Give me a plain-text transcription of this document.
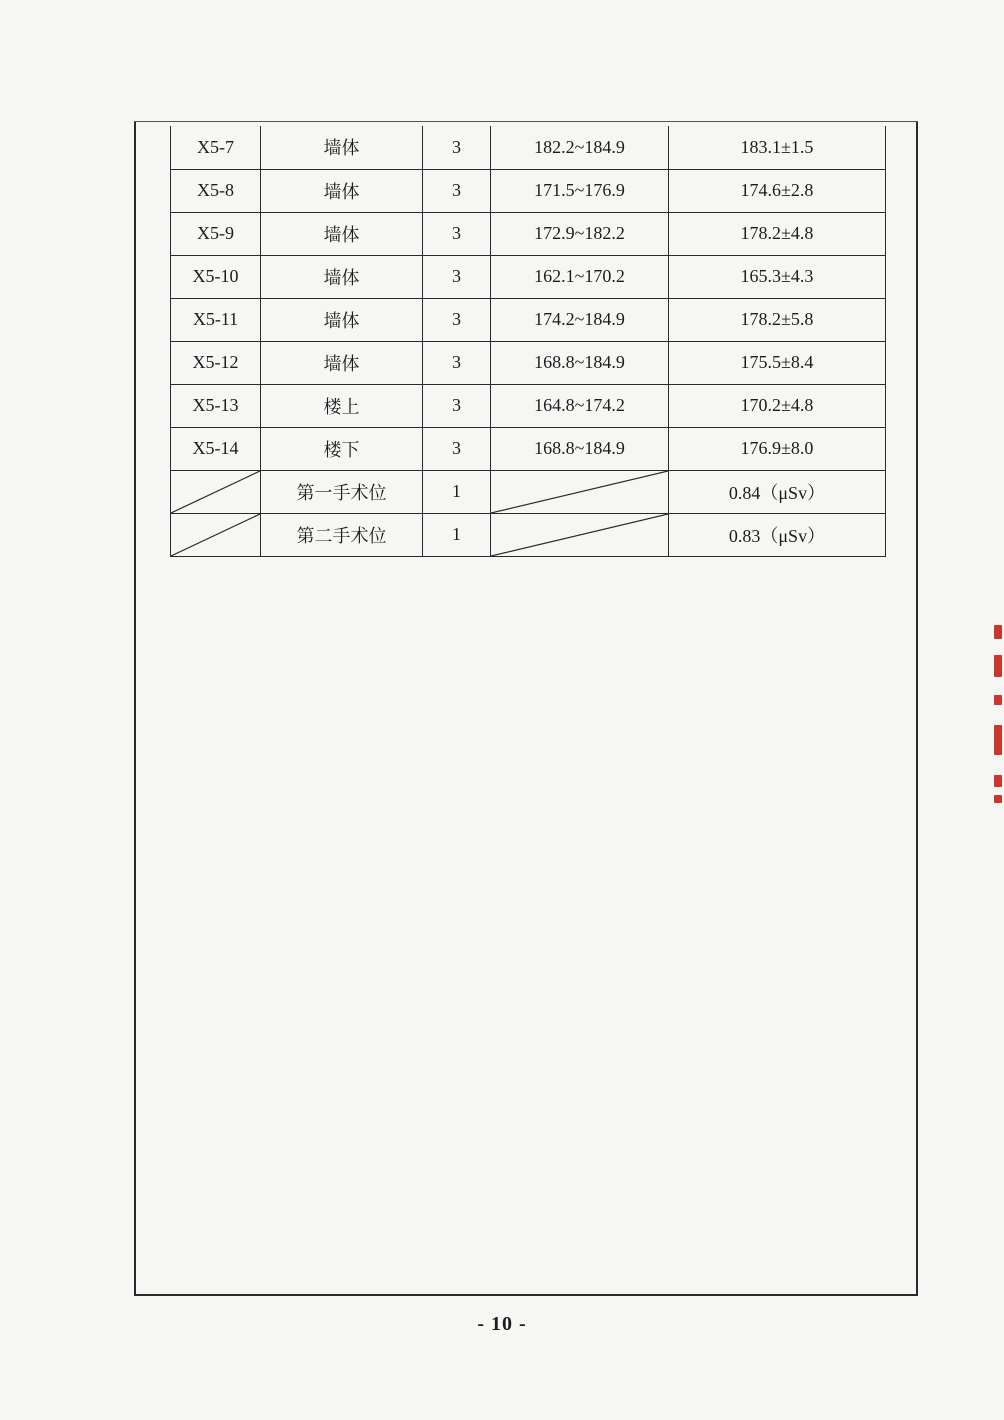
X5-7	墙体	3	182.2~184.9	183.1±1.5
X5-8	墙体	3	171.5~176.9	174.6±2.8
X5-9	墙体	3	172.9~182.2	178.2±4.8
X5-10	墙体	3	162.1~170.2	165.3±4.3
X5-11	墙体	3	174.2~184.9	178.2±5.8
X5-12	墙体	3	168.8~184.9	175.5±8.4
X5-13	楼上	3	164.8~174.2	170.2±4.8
X5-14	楼下	3	168.8~184.9	176.9±8.0

	第一手术位	1		0.84（μSv）

	第二手术位	1		0.83（μSv）
- 10 -
